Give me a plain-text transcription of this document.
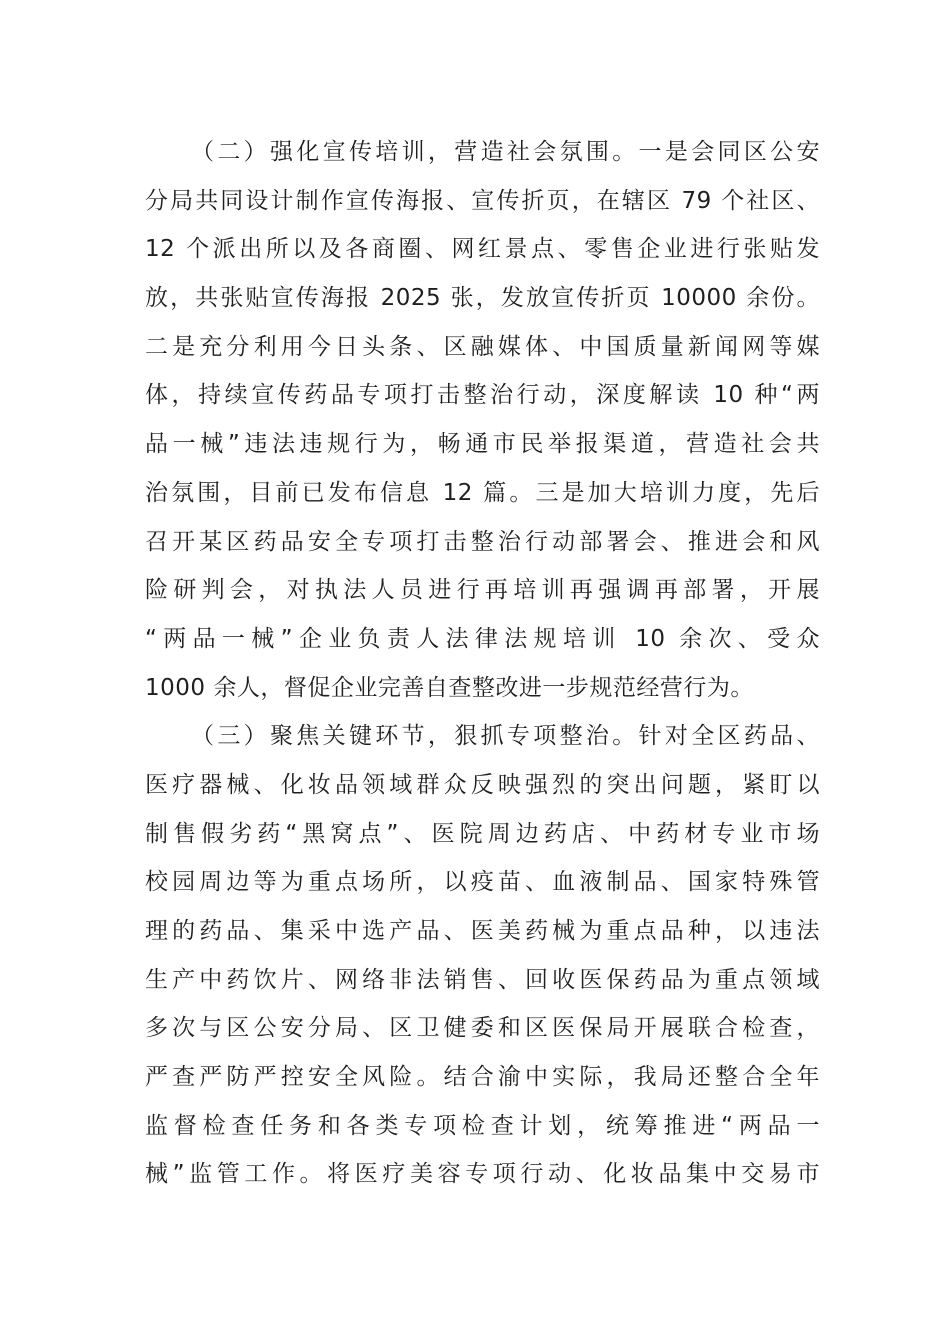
（二）强化宣传培训，营造社会氛围。一是会同区公安
分局共同设计制作宣传海报、宣传折页，在辖区 79 个社区、
12 个派出所以及各商圈、网红景点、零售企业进行张贴发
放，共张贴宣传海报 2025 张，发放宣传折页 10000 余份。
二是充分利用今日头条、区融媒体、中国质量新闻网等媒
体，持续宣传药品专项打击整治行动，深度解读 10 种“两
品一械”违法违规行为，畅通市民举报渠道，营造社会共
治氛围，目前已发布信息 12 篇。三是加大培训力度，先后
召开某区药品安全专项打击整治行动部署会、推进会和风
险研判会，对执法人员进行再培训再强调再部署，开展
“两品一械”企业负责人法律法规培训 10 余次、受众
1000 余人，督促企业完善自查整改进一步规范经营行为。
（三）聚焦关键环节，狠抓专项整治。针对全区药品、
医疗器械、化妆品领域群众反映强烈的突出问题，紧盯以
制售假劣药“黑窝点”、医院周边药店、中药材专业市场
校园周边等为重点场所，以疫苗、血液制品、国家特殊管
理的药品、集采中选产品、医美药械为重点品种，以违法
生产中药饮片、网络非法销售、回收医保药品为重点领域
多次与区公安分局、区卫健委和区医保局开展联合检查，
严查严防严控安全风险。结合渝中实际，我局还整合全年
监督检查任务和各类专项检查计划，统筹推进“两品一
械”监管工作。将医疗美容专项行动、化妆品集中交易市
